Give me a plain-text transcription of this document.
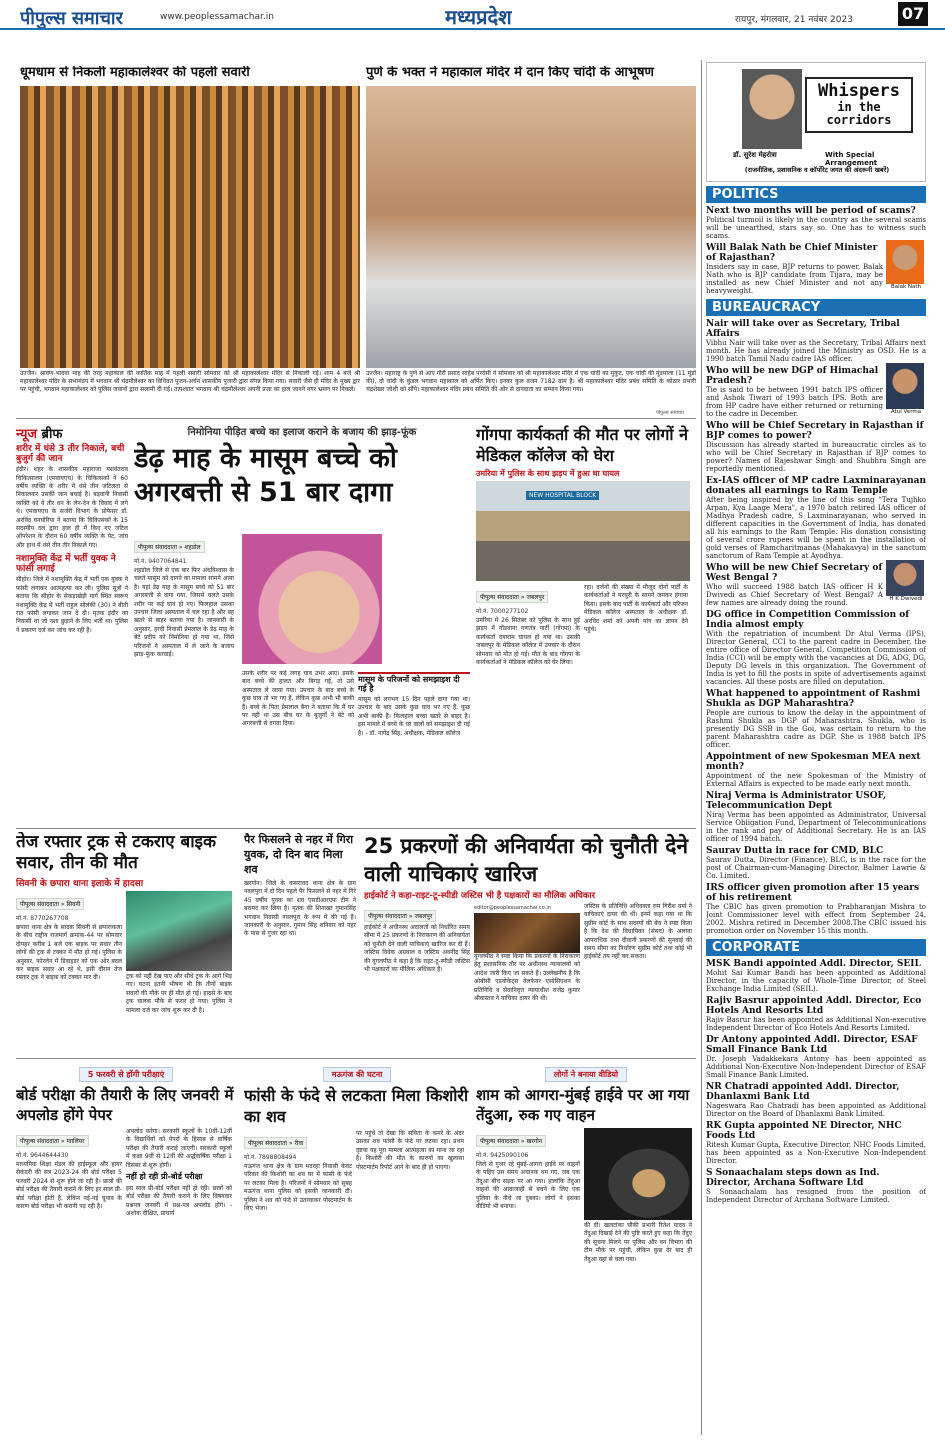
पीपुल्स समाचार	www.peoplessamachar.in	मध्यप्रदेश	रायपुर, मंगलवार, 21 नवंबर 2023	07
धूमधाम से निकली महाकालेश्वर की पहली सवारी
उज्जैन। श्रावण-भादवा माह की तरह महाकाल की कार्तिक माह में पहली सवारी सोमवार को श्री महाकालेश्वर मंदिर से निकाली गई। शाम 4 बजे श्री महाकालेश्वर मंदिर के सभामंडप में भगवान श्री चंद्रमौलेश्वर का विधिवत पूजन-अर्चन शासकीय पुजारी द्वारा संपन्न किया गया। सवारी जैसे ही मंदिर के मुख्य द्वार पर पहुंची, भगवान महाकालेश्वर को पुलिस जवानों द्वारा सलामी दी गई। तत्पश्चात भगवान श्री चंद्रमौलेश्वर अपनी प्रजा का हाल जानने नगर भ्रमण पर निकले।
पुणे के भक्त ने महाकाल मंदिर में दान किए चांदी के आभूषण
उज्जैन। महाराष्ट्र के पुणे से आए गौरी प्रसाद साहेब परदेसी ने सोमवार को श्री महाकालेश्वर मंदिर में एक चांदी का मुकुट, एक चांदी की मुंडमाला (11 मुंडों की), दो चांदी के कुंडल भगवान महाकाल को अर्पित किए। इनका कुल वजन 7182 ग्राम है। श्री महाकालेश्वर मंदिर प्रबंध समिति के कोठार प्रभारी चंद्रशेखर जोशी को सौंपे। महाकालेश्वर मंदिर प्रबंध समिति की ओर से दानदाता का सम्मान किया गया।
पीपुल्स समाचार
Whispers
in the corridors
डॉ. सुरेश मेहरोत्रा	With Special Arrangement
(राजनीतिक, प्रशासनिक व कॉर्पोरेट जगत की अंदरूनी खबरें)
POLITICS
Next two months will be period of scams?

Political turmoil is likely in the country as the several scams will be unearthed, stars say so. One has to witness such scams.

Will Balak Nath be Chief Minister of Rajasthan?

Insiders say in case, BJP returns to power, Balak Nath who is BJP candidate from Tijara, may be installed as new Chief Minister and not any heavyweight.	Balak Nath
BUREAUCRACY
Nair will take over as Secretary, Tribal Affairs

Vibhu Nair will take over as the Secretary, Tribal Affairs next month. He has already joined the Ministry as OSD. He is a 1990 batch Tamil Nadu cadre IAS officer.

Who will be new DGP of Himachal Pradesh?

Tie is said to be between 1991 batch IPS officer and Ashok Tiwari of 1993 batch IPS. Both are from HP cadre have either returned or returning to the cadre in December.	Atul Verma
Who will be Chief Secretary in Rajasthan if BJP comes to power?

Discussion has already started in bureaucratic circles as to who will be Chief Secretary in Rajasthan if BJP comes to power? Names of Rajeshwar Singh and Shubhra Singh are reportedly mentioned.

Ex-IAS officer of MP cadre Laxminarayanan donates all earnings to Ram Temple

After being inspired by the line of this song "Tera Tujhko Arpan, Kya Laage Mera", a 1970 batch retired IAS officer of Madhya Pradesh cadre, S Laxminarayanan, who served in different capacities in the Government of India, has donated all his earnings to the Ram Temple. His donation consisting of several crore rupees will be spent in the installation of gold verses of Ramcharitmanas (Mahakavya) in the sanctum sanctorum of Ram Temple at Ayodhya.

Who will be new Chief Secretary of West Bengal ?

Who will succeed 1988 batch IAS officer H K Dwivedi as Chief Secretary of West Bengal? A few names are already doing the round.	H K Dwivedi
DG office in Competition Commission of India almost empty

With the repatriation of incumbent Dr Atul Verma (IPS), Director General, CCI to the parent cadre in December, the entire office of Director General, Competition Commission of India (CCI) will be empty with the vacancies at DG, ADG, DG, Deputy DG levels in this organization. The Government of India is yet to fill the posts in spite of advertisements against vacancies. All these posts are filled on deputation.

What happened to appointment of Rashmi Shukla as DGP Maharashtra?

People are curious to know the delay in the appointment of Rashmi Shukla as DGP of Maharashtra. Shukla, who is presently DG SSB in the Goi, was certain to return to the parent Maharashtra cadre as DGP. She is 1988 batch IPS officer.

Appointment of new Spokesman MEA next month?

Appointment of the new Spokesman of the Ministry of External Affairs is expected to be made early next month.

Niraj Verma is Administrator USOF, Telecommunication Dept

Niraj Verma has been appointed as Administrator, Universal Service Obligation Fund, Department of Telecommunications in the rank and pay of Additional Secretary. He is an IAS officer of 1994 batch.

Saurav Dutta in race for CMD, BLC

Saurav Dutta, Director (Finance), BLC, is in the race for the post of Chairman-cum-Managing Director, Balmer Lawrie & Co. Limited.

IRS officer given promotion after 15 years of his retirement

The CBIC has given promotion to Prabharanjan Mishra to Joint Commissioner level with effect from September 24, 2002. Mishra retired in December 2008.The CBIC issued his promotion order on November 15 this month.

CORPORATE
MSK Bandi appointed Addl. Director, SEIL

Mohit Sai Kumar Bandi has been appointed as Additional Director, in the capacity of Whole-Time Director, of Steel Exchange India Limited (SEIL).

Rajiv Basrur appointed Addl. Director, Eco Hotels And Resorts Ltd

Rajiv Basrur has been appointed as Additional Non-executive Independent Director of Eco Hotels And Resorts Limited.

Dr Antony appointed Addl. Director, ESAF Small Finance Bank Ltd

Dr. Joseph Vadakkekara Antony has been appointed as Additional Non-Executive Non-Independent Director of ESAF Small Finance Bank Limited.

NR Chatradi appointed Addl. Director, Dhanlaxmi Bank Ltd

Nageswara Rao Chatradi has been appointed as Additional Director on the Board of Dhanlaxmi Bank Limited.

RK Gupta appointed NE Director, NHC Foods Ltd

Ritesh Kumar Gupta, Executive Director, NHC Foods Limited, has been appointed as a Non-Executive Non-Independent Director.

S Sonaachalam steps down as Ind. Director, Archana Software Ltd

S Sonaachalam has resigned from the position of Independent Director of Archana Software Limited.

न्यूज ब्रीफ
शरीर में धंसे 3 तीर निकाले, बची बुजुर्ग की जान
इंदौर। शहर के शासकीय महाराजा यशवंतराव चिकित्सालय (एमवायएच) के चिकित्सकों ने 60 वर्षीय व्यक्ति के शरीर में धंसे तीन जटिलता से निकालकर उसकी जान बचाई है। बड़वानी निवासी व्यक्ति को ये तीर धन के लेन-देन के विवाद में लगे थे। एमवायएच के सर्जरी विभाग के प्रोफेसर डॉ. अरविंद घनघोरिया ने बताया कि चिकित्सकों के 15 सदस्यीय दल द्वारा हाल ही में किए गए जटिल ऑपरेशन के दौरान 60 वर्षीय व्यक्ति के पेट, जांघ और हाथ में धंसे तीन तीर निकाले गए।
नशामुक्ति केंद्र में भर्ती युवक ने फांसी लगाई
सीहोर। जिले में नशामुक्ति केंद्र में भर्ती एक युवक ने फांसी लगाकर आत्महत्या कर ली। पुलिस सूत्रों ने बताया कि सीहोर के सेकड़ाखेड़ी मार्ग स्थित स्वरूप नशामुक्ति केंद्र में भर्ती राहुल सोलंकी (30) ने बीती रात फांसी लगाकर जान दे दी। मृतक इंदौर का निवासी था जो नशा छुड़ाने के लिए भर्ती था। पुलिस ने प्रकरण दर्ज कर जांच कर रही है।
निमोनिया पीड़ित बच्चे का इलाज कराने के बजाय की झाड़-फूंक
डेढ़ माह के मासूम बच्चे को अगरबत्ती से 51 बार दागा
पीपुल्स संवाददाता » शहडोल
मो.नं. 9407064841
शहडोल जिले से एक बार फिर अंधविश्वास के चलते मासूम को दागने का मामला सामने आया है। यहां डेढ़ माह के मासूम बच्चे को 51 बार अगरबत्ती से दागा गया, जिससे चलते उसके शरीर पर कई घाव हो गए। फिलहाल उसका उपचार जिला अस्पताल में चल रहा है और वह खतरे से बाहर बताया गया है। जानकारी के अनुसार, हरदी निवासी प्रेमलाल के डेढ़ माह के बेटे प्रदीप को निमोनिया हो गया था, जिसे परिजनों ने अस्पताल में ले जाने के बजाय झाड़-फूंक करवाई।
उसके शरीर पर कई जगह घाव उभर आए। इसके बाद बच्चे की हालत और बिगड़ गई, तो उसे अस्पताल ले जाया गया। उपचार के बाद बच्चे के कुछ घाव तो भर गए हैं, लेकिन कुछ अभी भी बाकी हैं। बच्चे के पिता प्रेमलाल बैगा ने बताया कि मैं घर पर नहीं था उस बीच घर के बुजुर्गों ने बेटे को अगरबत्ती से दगवा दिया।
मासूम के परिजनों को समझाइश दी गई है
मासूम को लगभग 15 दिन पहले दागा गया था। उपचार के बाद उसके कुछ घाव भर गए हैं, कुछ अभी बाकी हैं। फिलहाल बच्चा खतरे से बाहर है। इस मामले में बच्चे के घर वालों को समझाइश दी गई है। - डॉ. नागेंद्र सिंह, अधीक्षक, मेडिकल कॉलेज
गोंगपा कार्यकर्ता की मौत पर लोगों ने मेडिकल कॉलेज को घेरा
उमरिया में पुलिस के साथ झड़प में हुआ था घायल
NEW HOSPITAL BLOCK
पीपुल्स संवाददाता » जबलपुर
मो.नं. 7000277102
उमरिया में 26 सितंबर को पुलिस के साथ हुई झड़प में गोंडवाना गणतंत्र पार्टी (गोंगपा) के कार्यकर्ता दयाराम घायल हो गया था। उसकी जबलपुर के मेडिकल कॉलेज में उपचार के दौरान सोमवार को मौत हो गई। मौत के बाद गोंगपा के कार्यकर्ताओं ने मेडिकल कॉलेज को घेर लिया।
रहा। दर्जनों की संख्या में मौजूद दोनों पार्टी के कार्यकर्ताओं ने मरचुरी के सामने जमकर हंगामा किया। इसके बाद पार्टी के कार्यकर्ता और परिजन मेडिकल कॉलेज अस्पताल के अधीक्षक डॉ. अरविंद शर्मा को अपनी मांग का ज्ञापन देने पहुंचे।
तेज रफ्तार ट्रक से टकराए बाइक सवार, तीन की मौत
सिवनी के छपारा थाना इलाके में हादसा
पीपुल्स संवाददाता » सिवनी
मो.नं. 8770267708
छपारा थाना क्षेत्र के सादक सिवनी से छपाराकला के बीच राष्ट्रीय राजमार्ग क्रमांक-44 पर सोमवार दोपहर करीब 1 बजे एक बाइक पर सवार तीन लोगों की ट्रक से टक्कर में मौत हो गई। पुलिस के अनुसार, फोरलेन में डिवाइडर को एक ओर बदल कर बाइक सवार आ रहे थे, इसी दौरान तेज रफ्तार ट्रक ने बाइक को टक्कर मार दी।	ट्रक को नहीं देख पाए और सीधे ट्रक के आगे भिड़ गए। घटना इतनी भीषण थी कि तीनों बाइक सवारों की मौके पर ही मौत हो गई। हादसे के बाद ट्रक चालक मौके से फरार हो गया। पुलिस ने मामला दर्ज कर जांच शुरू कर दी है।
पैर फिसलने से नहर में गिरा युवक, दो दिन बाद मिला शव
खरगोन। जिले के कसरावद थाना क्षेत्र के ग्राम नवलपुरा में दो दिन पहले पैर फिसलने से नहर में गिरे 45 वर्षीय युवक का शव एसडीआरएफ टीम ने बरामद कर लिया है। मृतक की शिनाख्त गुमानसिंह भगवान निवासी नवलपुरा के रूप में की गई है। जानकारी के अनुसार, गुमान सिंह शनिवार को नहर के पास से गुजर रहा था।
25 प्रकरणों की अनिवार्यता को चुनौती देने वाली याचिकाएं खारिज
हाईकोर्ट ने कहा-राइट-टू-स्पीडी जस्टिस भी है पक्षकारों का मौलिक अधिकार
पीपुल्स संवाददाता » जबलपुर
हाईकोर्ट ने अधीनस्थ अदालतों को निर्धारित समय सीमा में 25 प्रकरणों के निराकरण की अनिवार्यता को चुनौती देने वाली याचिकाएं खारिज कर दी हैं। जस्टिस विवेक अग्रवाल व जस्टिस अवनींद्र सिंह की युगलपीठ ने कहा है कि राइट-टू-स्पीडी जस्टिस भी पक्षकारों का मौलिक अधिकार है।
editor@peoplessamachar.co.in
युगलपीठ ने स्पष्ट किया कि प्रकरणों के निराकरण हेतु प्रशासनिक तौर पर अधीनस्थ न्यायालयों को आदेश जारी किए जा सकते हैं। उल्लेखनीय है कि ओबीसी एडवोकेट्स वेलफेयर एसोसिएशन के प्रतिनिधि व सेवानिवृत्त न्यायाधीश राजेंद्र कुमार श्रीवास्तव ने याचिका दायर की थी।
जस्टिस के प्रतिनिधि अधिवक्ता राम गिरीश वर्मा ने याचिकाएं दायर की थीं। इनमें कहा गया था कि सुप्रीम कोर्ट के साथ सदस्यों की बेंच ने स्पष्ट किया है कि देश की विधायिका (संसद) के अलावा आपराधिक तथा दीवानी प्रकरणों की सुनवाई की समय सीमा का निर्धारण सुप्रीम कोर्ट तथा कोई भी हाईकोर्ट तय नहीं कर सकता।
5 फरवरी से होंगी परीक्षाएं
बोर्ड परीक्षा की तैयारी के लिए जनवरी में अपलोड होंगे पेपर
पीपुल्स संवाददाता » ग्वालियर
मो.नं. 9644644430
माध्यमिक शिक्षा मंडल की हाईस्कूल और हायर सेकंडरी की सत्र 2023-24 की बोर्ड परीक्षा 5 फरवरी 2024 से शुरू होने जा रही है। छात्रों की बोर्ड परीक्षा की तैयारी कराने के लिए हर साल प्री-बोर्ड परीक्षा होती है, लेकिन नई-नई चुनाव के कारण बोर्ड परीक्षा भी करानी पड़ रही है।
अपलोड करेगा। सरकारी स्कूलों के 10वीं-12वीं के विद्यार्थियों को पेपरों के हिसाब से वार्षिक परीक्षा की तैयारी कराई जाएगी। सरकारी स्कूलों में कक्षा 9वीं से 12वीं की अर्द्धवार्षिक परीक्षा 1 दिसंबर से शुरू होगी।
नहीं हो रही प्री-बोर्ड परीक्षा
इस साल प्री-बोर्ड परीक्षा नहीं हो रही। छात्रों को बोर्ड परीक्षा की तैयारी कराने के लिए विषयवार प्रश्नपत्र जनवरी में प्रश्न-पत्र अपलोड होंगे। - अशोक दीक्षित, प्राचार्य
मऊगंज की घटना
फांसी के फंदे से लटकता मिला किशोरी का शव
पीपुल्स संवाददाता » रीवा
मो.नं. 7898808494
मऊगंज थाना क्षेत्र के ग्राम मदरहा निवासी केवट परिवार की किशोरी का शव घर में फांसी के फंदे पर लटका मिला है। परिजनों ने सोमवार को सुबह मऊगंज थाना पुलिस को इसकी जानकारी दी। पुलिस ने शव को फंदे से उतरवाकर पोस्टमार्टम के लिए भेजा।
पर पहुंचे तो देखा कि सविता के कमरे के अंदर उसका शव फांसी के फंदे पर लटका रहा। प्रथम दृष्टया यह पूरा मामला आत्महत्या का माना जा रहा है। किशोरी की मौत के कारणों का खुलासा पोस्टमार्टम रिपोर्ट आने के बाद ही हो पाएगा।
लोगों ने बनाया वीडियो
शाम को आगरा-मुंबई हाईवे पर आ गया तेंदुआ, रुक गए वाहन
पीपुल्स संवाददाता » खरगोन
मो.नं. 9425090106
जिले से गुजर रहे मुंबई-आगरा हाईवे पर वाहनों के पहिए उस समय अचानक थम गए, जब एक तेंदुआ बीच सड़क पर आ गया। हालांकि तेंदुआ वाहनों की आवाजाही से बचने के लिए एक पुलिया के नीचे जा दुबका। लोगों ने इसका वीडियो भी बनाया।
की दी। खलटांका चौकी प्रभारी रितेश यादव ने तेंदुआ दिखाई देने की पुष्टि करते हुए कहा कि तेंदुए की सूचना मिलने पर पुलिस और वन विभाग की टीम मौके पर पहुंची, लेकिन कुछ देर बाद ही तेंदुआ वहां से चला गया।
